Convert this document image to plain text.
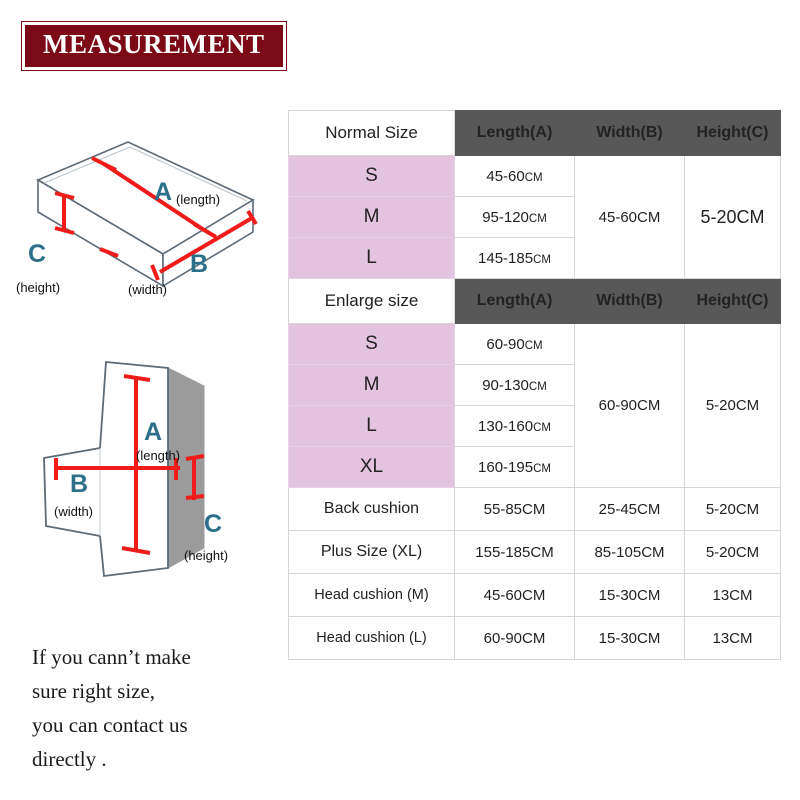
MEASUREMENT
A (length)
B
(width)
C
(height)
A
(length)
B
(width)	C
(height)
If you cann’t make
sure right size,
you can contact us
directly .
Normal Size	Length(A)	Width(B)	Height(C)
S	45-60CM	45-60CM	5-20CM
M	95-120CM		
L	145-185CM		
Enlarge size	Length(A)	Width(B)	Height(C)
S	60-90CM	60-90CM	5-20CM
M	90-130CM		
L	130-160CM		
XL	160-195CM		
Back cushion	55-85CM	25-45CM	5-20CM
Plus Size (XL)	155-185CM	85-105CM	5-20CM
Head cushion (M)	45-60CM	15-30CM	13CM
Head cushion (L)	60-90CM	15-30CM	13CM
